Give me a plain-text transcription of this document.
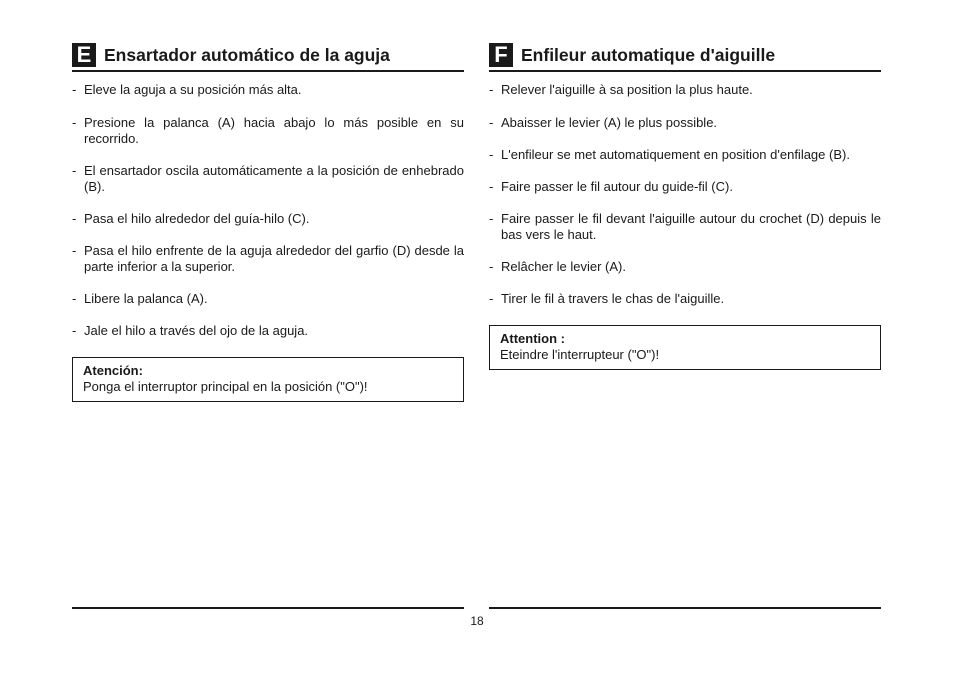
E Ensartador automático de la aguja
- Eleve la aguja a su posición más alta.
- Presione la palanca (A) hacia abajo lo más posible en su recorrido.
- El ensartador oscila automáticamente a la posición de enhebrado (B).
- Pasa el hilo alrededor del guía-hilo (C).
- Pasa el hilo enfrente de la aguja alrededor del garfio (D) desde la parte inferior a la superior.
- Libere la palanca (A).
- Jale el hilo a través del ojo de la aguja.
Atención:
Ponga el interruptor principal en la posición ("O")!
F Enfileur automatique d'aiguille
- Relever l'aiguille à sa position la plus haute.
- Abaisser le levier (A) le plus possible.
- L'enfileur se met automatiquement en position d'enfilage (B).
- Faire passer le fil autour du guide-fil (C).
- Faire passer le fil devant l'aiguille autour du crochet (D) depuis le bas vers le haut.
- Relâcher le levier (A).
- Tirer le fil à travers le chas de l'aiguille.
Attention :
Eteindre l'interrupteur ("O")!
18
